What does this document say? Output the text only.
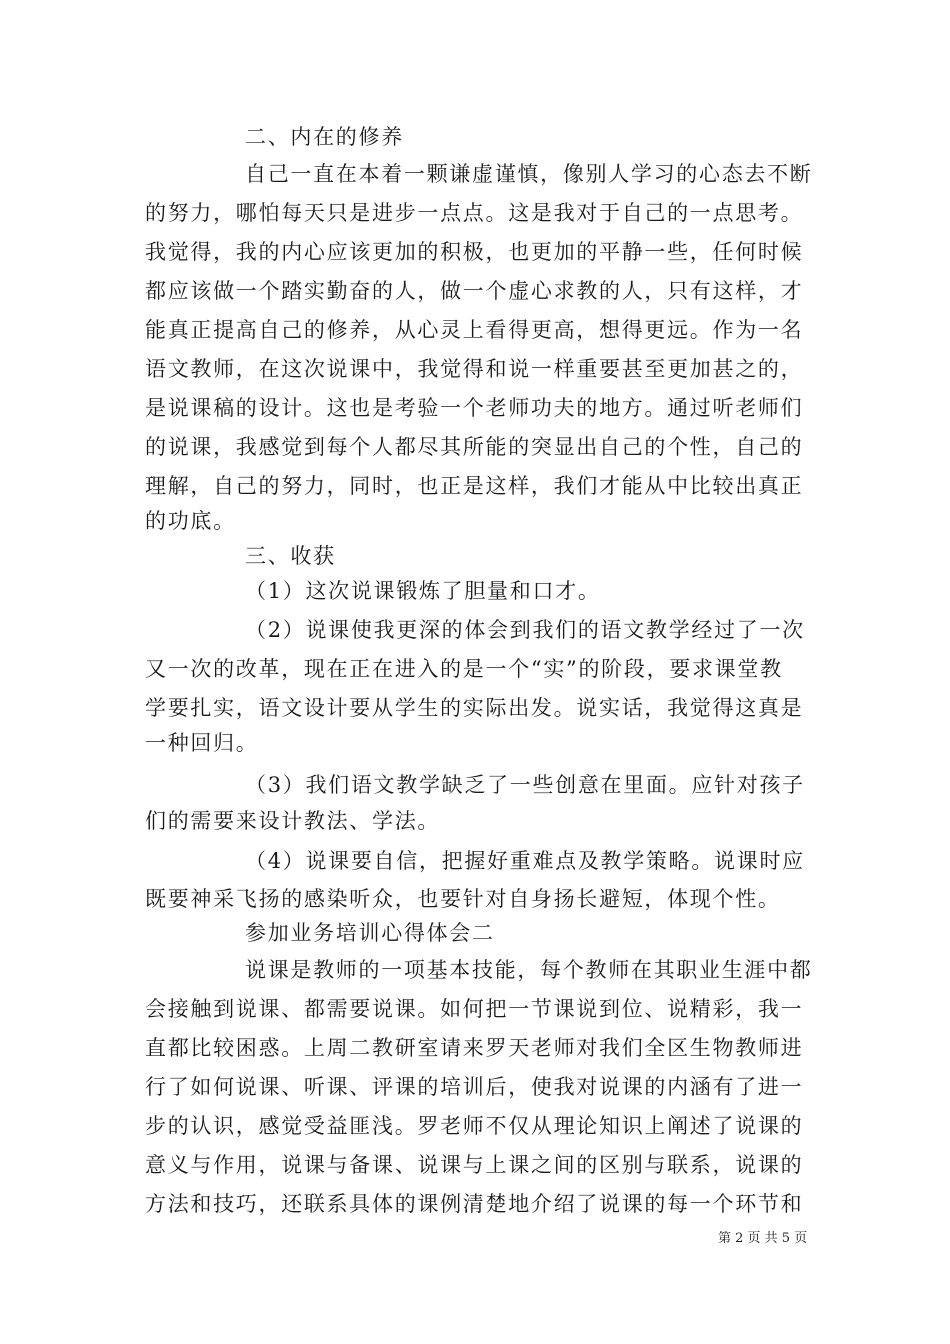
二、内在的修养
自己一直在本着一颗谦虚谨慎，像别人学习的心态去不断
的努力，哪怕每天只是进步一点点。这是我对于自己的一点思考。
我觉得，我的内心应该更加的积极，也更加的平静一些，任何时候
都应该做一个踏实勤奋的人，做一个虚心求教的人，只有这样，才
能真正提高自己的修养，从心灵上看得更高，想得更远。作为一名
语文教师，在这次说课中，我觉得和说一样重要甚至更加甚之的，
是说课稿的设计。这也是考验一个老师功夫的地方。通过听老师们
的说课，我感觉到每个人都尽其所能的突显出自己的个性，自己的
理解，自己的努力，同时，也正是这样，我们才能从中比较出真正
的功底。
三、收获
（1）这次说课锻炼了胆量和口才。
（2）说课使我更深的体会到我们的语文教学经过了一次
又一次的改革，现在正在进入的是一个“实”的阶段，要求课堂教
学要扎实，语文设计要从学生的实际出发。说实话，我觉得这真是
一种回归。
（3）我们语文教学缺乏了一些创意在里面。应针对孩子
们的需要来设计教法、学法。
（4）说课要自信，把握好重难点及教学策略。说课时应
既要神采飞扬的感染听众，也要针对自身扬长避短，体现个性。
参加业务培训心得体会二
说课是教师的一项基本技能，每个教师在其职业生涯中都
会接触到说课、都需要说课。如何把一节课说到位、说精彩，我一
直都比较困惑。上周二教研室请来罗天老师对我们全区生物教师进
行了如何说课、听课、评课的培训后，使我对说课的内涵有了进一
步的认识，感觉受益匪浅。罗老师不仅从理论知识上阐述了说课的
意义与作用，说课与备课、说课与上课之间的区别与联系，说课的
方法和技巧，还联系具体的课例清楚地介绍了说课的每一个环节和
第 2 页 共 5 页
